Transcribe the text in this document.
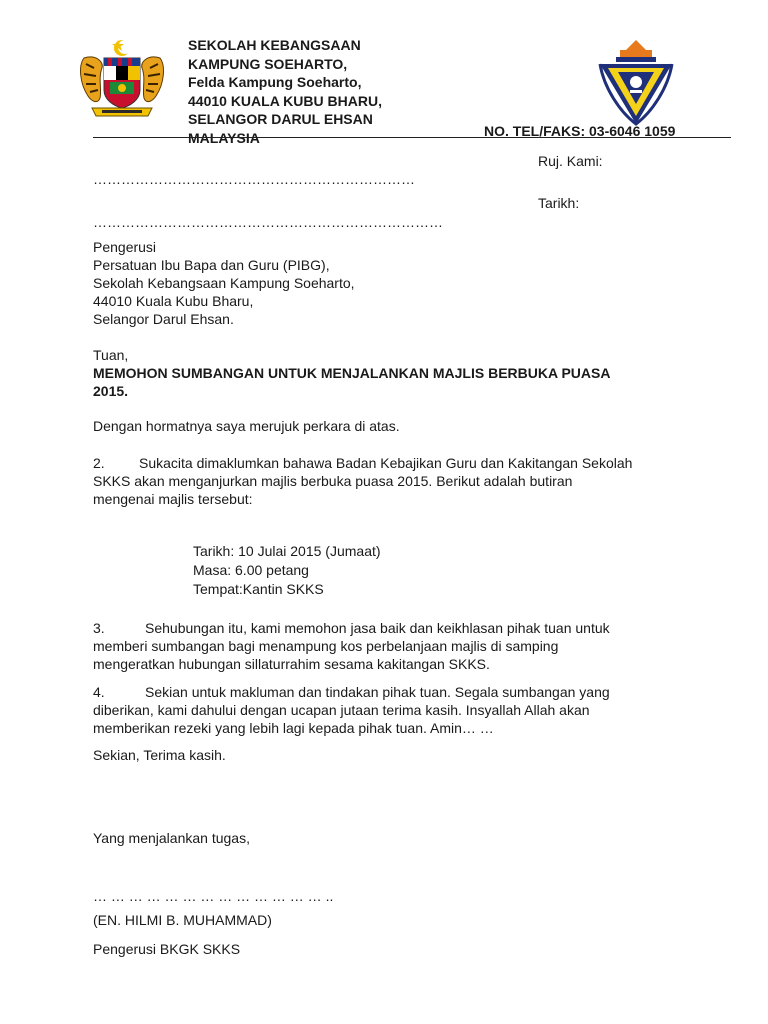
SEKOLAH KEBANGSAAN
KAMPUNG SOEHARTO,
Felda Kampung Soeharto,
44010 KUALA KUBU BHARU,
SELANGOR DARUL EHSAN
MALAYSIA	NO. TEL/FAKS: 03-6046 1059
Ruj. Kami:
……………………………………………………………
Tarikh:
…………………………………………………………………
Pengerusi
Persatuan Ibu Bapa dan Guru (PIBG),
Sekolah Kebangsaan Kampung Soeharto,
44010 Kuala Kubu Bharu,
Selangor Darul Ehsan.
Tuan,
MEMOHON SUMBANGAN UNTUK MENJALANKAN MAJLIS BERBUKA PUASA
2015.
Dengan hormatnya saya merujuk perkara di atas.
2. Sukacita dimaklumkan bahawa Badan Kebajikan Guru dan Kakitangan Sekolah
SKKS akan menganjurkan majlis berbuka puasa 2015. Berikut adalah butiran
mengenai majlis tersebut:
Tarikh: 10 Julai 2015 (Jumaat)
Masa: 6.00 petang
Tempat:Kantin SKKS
3.	Sehubungan itu, kami memohon jasa baik dan keikhlasan pihak tuan untuk
memberi sumbangan bagi menampung kos perbelanjaan majlis di samping
mengeratkan hubungan sillaturrahim sesama kakitangan SKKS.
4.	Sekian untuk makluman dan tindakan pihak tuan. Segala sumbangan yang
diberikan, kami dahului dengan ucapan jutaan terima kasih. Insyallah Allah akan
memberikan rezeki yang lebih lagi kepada pihak tuan. Amin… …
Sekian, Terima kasih.
Yang menjalankan tugas,
… … … … … … … … … … … … … ..
(EN. HILMI B. MUHAMMAD)
Pengerusi BKGK SKKS
